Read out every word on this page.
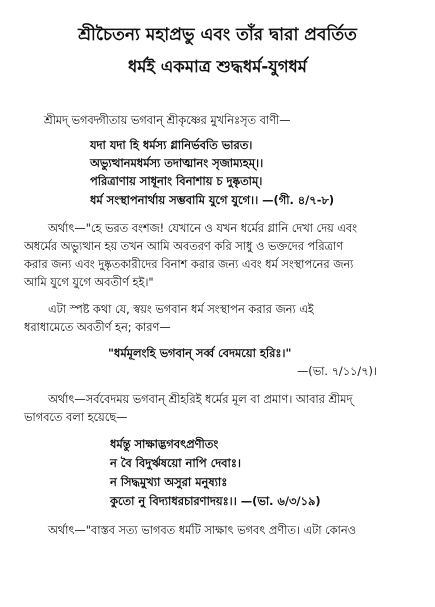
শ্রীচৈতন্য মহাপ্রভু এবং তাঁর দ্বারা প্রবর্তিত
ধর্মই একমাত্র শুদ্ধধর্ম-যুগধর্ম
শ্রীমদ্ ভগবদ্গীতায় ভগবান্ শ্রীকৃষ্ণের মুখনিঃসৃত বাণী—
যদা যদা হি ধর্মস্য গ্লানির্ভবতি ভারত।
অভ্যুত্থানমধর্মস্য তদাত্মানং সৃজাম্যহম্।।
পরিত্রাণায় সাধূনাং বিনাশায় চ দুষ্কৃতাম্।
ধর্ম সংস্থাপনার্থায় সম্ভবামি যুগে যুগে।। —(গী. ৪/৭-৮)
অর্থাৎ—"হে ভরত বংশজ! যেখানে ও যখন ধর্মের গ্লানি দেখা দেয় এবং
অধর্মের অভ্যুত্থান হয় তখন আমি অবতরণ করি সাধু ও ভক্তদের পরিত্রাণ
করার জন্য এবং দুষ্কৃতকারীদের বিনাশ করার জন্য এবং ধর্ম সংস্থাপনের জন্য
আমি যুগে যুগে অবতীর্ণ হই।"
এটা স্পষ্ট কথা যে, স্বয়ং ভগবান ধর্ম সংস্থাপন করার জন্য এই
ধরাধামেতে অবতীর্ণ হন; কারণ—
"ধর্মমূলংহি ভগবান্ সর্ব্ব বেদময়ো হরিঃ।"
—(ভা. ৭/১১/৭)।
অর্থাৎ—সর্ববেদময় ভগবান্ শ্রীহরিই ধর্মের মূল বা প্রমাণ। আবার শ্রীমদ্
ভাগবতে বলা হয়েছে—
ধর্মন্তু সাক্ষাদ্ভগবৎপ্রণীতং
ন বৈ বিদুর্ঋষয়ো নাপি দেবাঃ।
ন সিদ্ধমুখ্যা অসুরা মনুষ্যাঃ
কুতো নু বিদ্যাধরচারণাদয়ঃ।। —(ভা. ৬/৩/১৯)
অর্থাৎ—"বাস্তব সত্য ভাগবত ধর্মটি সাক্ষাৎ ভগবৎ প্রণীত। এটা কোনও
